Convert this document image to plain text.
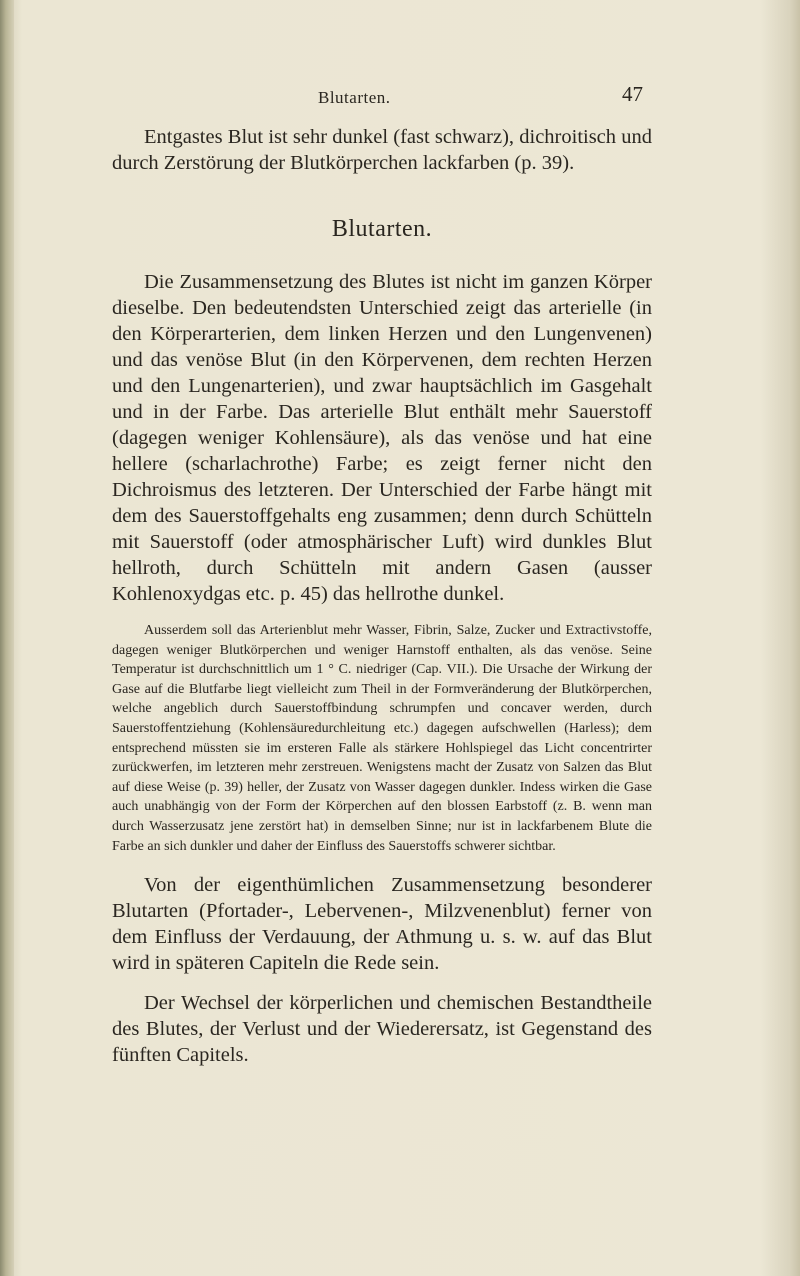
Blutarten.	47

Entgastes Blut ist sehr dunkel (fast schwarz), dichroitisch und durch Zerstörung der Blutkörperchen lackfarben (p. 39).

Blutarten.

Die Zusammensetzung des Blutes ist nicht im ganzen Körper dieselbe. Den bedeutendsten Unterschied zeigt das arterielle (in den Körperarterien, dem linken Herzen und den Lungenvenen) und das venöse Blut (in den Körpervenen, dem rechten Herzen und den Lungenarterien), und zwar hauptsächlich im Gasgehalt und in der Farbe. Das arterielle Blut enthält mehr Sauerstoff (dagegen weniger Kohlensäure), als das venöse und hat eine hellere (scharlachrothe) Farbe; es zeigt ferner nicht den Dichroismus des letzteren. Der Unterschied der Farbe hängt mit dem des Sauerstoffgehalts eng zusammen; denn durch Schütteln mit Sauerstoff (oder atmosphärischer Luft) wird dunkles Blut hellroth, durch Schütteln mit andern Gasen (ausser Kohlenoxydgas etc. p. 45) das hellrothe dunkel.

Ausserdem soll das Arterienblut mehr Wasser, Fibrin, Salze, Zucker und Extractivstoffe, dagegen weniger Blutkörperchen und weniger Harnstoff enthalten, als das venöse. Seine Temperatur ist durchschnittlich um 1 ° C. niedriger (Cap. VII.). Die Ursache der Wirkung der Gase auf die Blutfarbe liegt vielleicht zum Theil in der Formveränderung der Blutkörperchen, welche angeblich durch Sauerstoffbindung schrumpfen und concaver werden, durch Sauerstoffentziehung (Kohlensäuredurchleitung etc.) dagegen aufschwellen (Harless); dem entsprechend müssten sie im ersteren Falle als stärkere Hohlspiegel das Licht concentrirter zurückwerfen, im letzteren mehr zerstreuen. Wenigstens macht der Zusatz von Salzen das Blut auf diese Weise (p. 39) heller, der Zusatz von Wasser dagegen dunkler. Indess wirken die Gase auch unabhängig von der Form der Körperchen auf den blossen Earbstoff (z. B. wenn man durch Wasserzusatz jene zerstört hat) in demselben Sinne; nur ist in lackfarbenem Blute die Farbe an sich dunkler und daher der Einfluss des Sauerstoffs schwerer sichtbar.

Von der eigenthümlichen Zusammensetzung besonderer Blutarten (Pfortader-, Lebervenen-, Milzvenenblut) ferner von dem Einfluss der Verdauung, der Athmung u. s. w. auf das Blut wird in späteren Capiteln die Rede sein.

Der Wechsel der körperlichen und chemischen Bestandtheile des Blutes, der Verlust und der Wiederersatz, ist Gegenstand des fünften Capitels.
